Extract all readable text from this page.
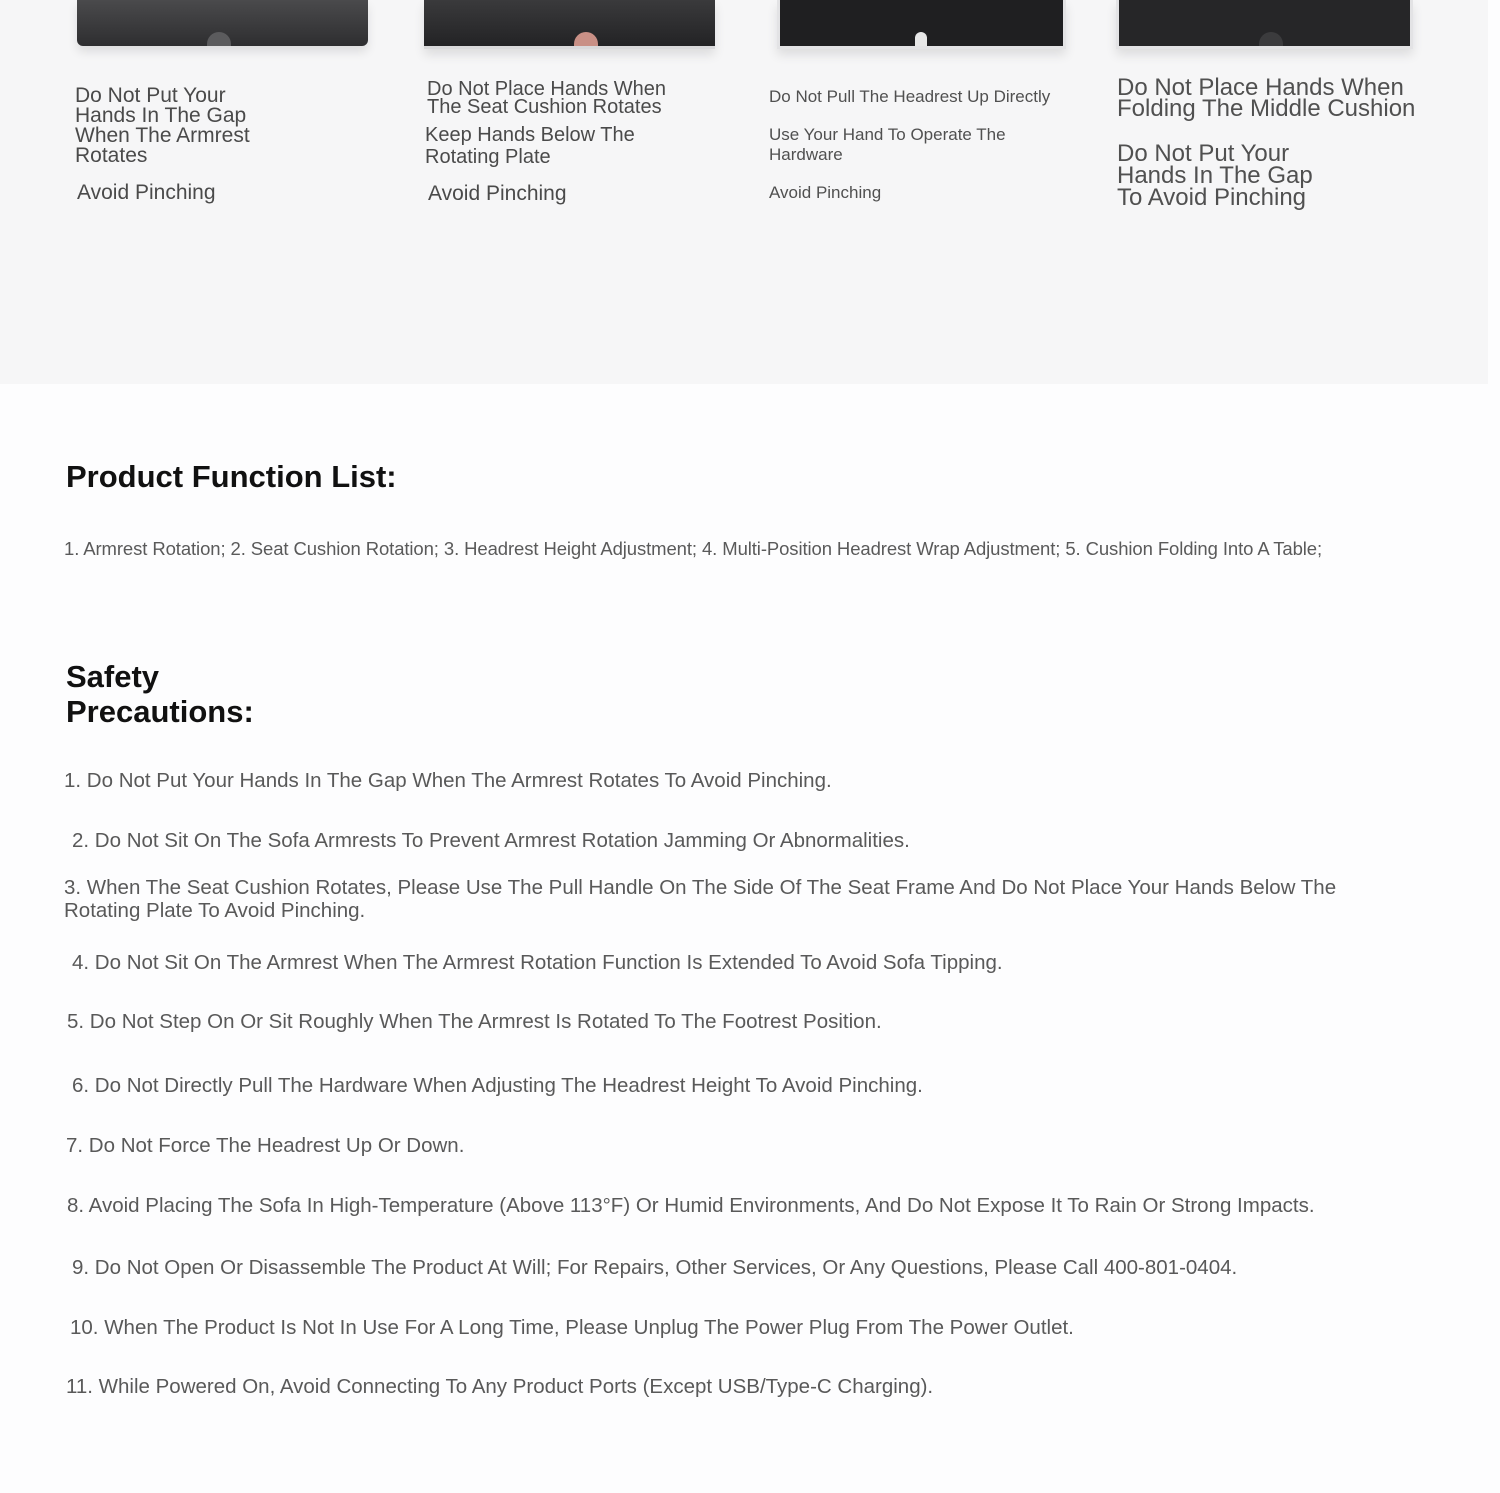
Do Not Put Your
Hands In The Gap
When The Armrest
Rotates

Avoid Pinching

Do Not Place Hands When
The Seat Cushion Rotates
Keep Hands Below The
Rotating Plate

Avoid Pinching

Do Not Pull The Headrest Up Directly

Use Your Hand To Operate The
Hardware

Avoid Pinching

Do Not Place Hands When
Folding The Middle Cushion
Do Not Put Your
Hands In The Gap
To Avoid Pinching
Product Function List:

1. Armrest Rotation; 2. Seat Cushion Rotation; 3. Headrest Height Adjustment; 4. Multi-Position Headrest Wrap Adjustment; 5. Cushion Folding Into A Table;

Safety
Precautions:

1. Do Not Put Your Hands In The Gap When The Armrest Rotates To Avoid Pinching.

2. Do Not Sit On The Sofa Armrests To Prevent Armrest Rotation Jamming Or Abnormalities.

3. When The Seat Cushion Rotates, Please Use The Pull Handle On The Side Of The Seat Frame And Do Not Place Your Hands Below The Rotating Plate To Avoid Pinching.

4. Do Not Sit On The Armrest When The Armrest Rotation Function Is Extended To Avoid Sofa Tipping.

5. Do Not Step On Or Sit Roughly When The Armrest Is Rotated To The Footrest Position.

6. Do Not Directly Pull The Hardware When Adjusting The Headrest Height To Avoid Pinching.

7. Do Not Force The Headrest Up Or Down.

8. Avoid Placing The Sofa In High-Temperature (Above 113°F) Or Humid Environments, And Do Not Expose It To Rain Or Strong Impacts.

9. Do Not Open Or Disassemble The Product At Will; For Repairs, Other Services, Or Any Questions, Please Call 400-801-0404.

10. When The Product Is Not In Use For A Long Time, Please Unplug The Power Plug From The Power Outlet.

11. While Powered On, Avoid Connecting To Any Product Ports (Except USB/Type-C Charging).
